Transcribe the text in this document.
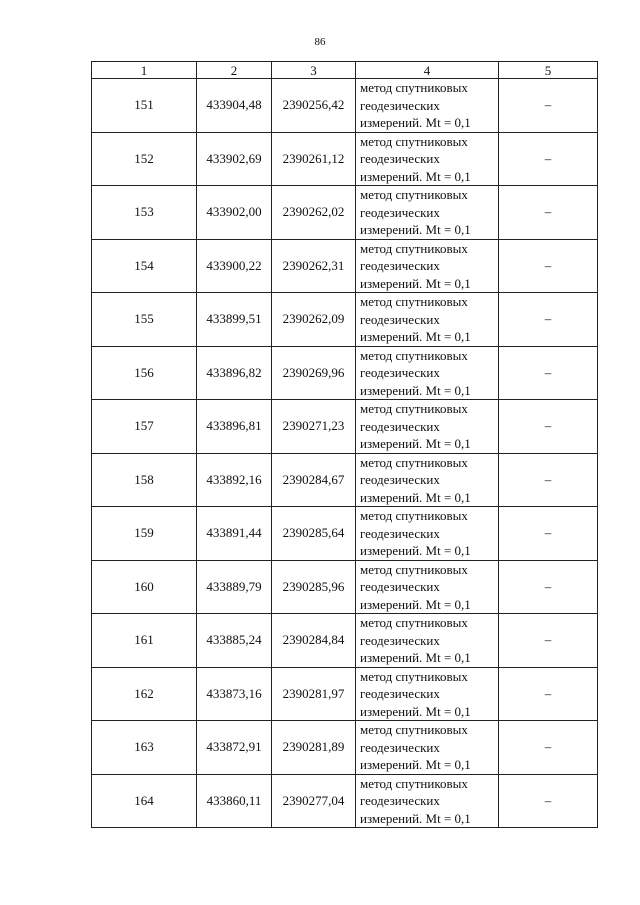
86
1	2	3	4	5
151	433904,48	2390256,42	метод спутниковых
геодезических
измерений. Mt = 0,1	–
152	433902,69	2390261,12	метод спутниковых
геодезических
измерений. Mt = 0,1	–
153	433902,00	2390262,02	метод спутниковых
геодезических
измерений. Mt = 0,1	–
154	433900,22	2390262,31	метод спутниковых
геодезических
измерений. Mt = 0,1	–
155	433899,51	2390262,09	метод спутниковых
геодезических
измерений. Mt = 0,1	–
156	433896,82	2390269,96	метод спутниковых
геодезических
измерений. Mt = 0,1	–
157	433896,81	2390271,23	метод спутниковых
геодезических
измерений. Mt = 0,1	–
158	433892,16	2390284,67	метод спутниковых
геодезических
измерений. Mt = 0,1	–
159	433891,44	2390285,64	метод спутниковых
геодезических
измерений. Mt = 0,1	–
160	433889,79	2390285,96	метод спутниковых
геодезических
измерений. Mt = 0,1	–
161	433885,24	2390284,84	метод спутниковых
геодезических
измерений. Mt = 0,1	–
162	433873,16	2390281,97	метод спутниковых
геодезических
измерений. Mt = 0,1	–
163	433872,91	2390281,89	метод спутниковых
геодезических
измерений. Mt = 0,1	–
164	433860,11	2390277,04	метод спутниковых
геодезических
измерений. Mt = 0,1	–
